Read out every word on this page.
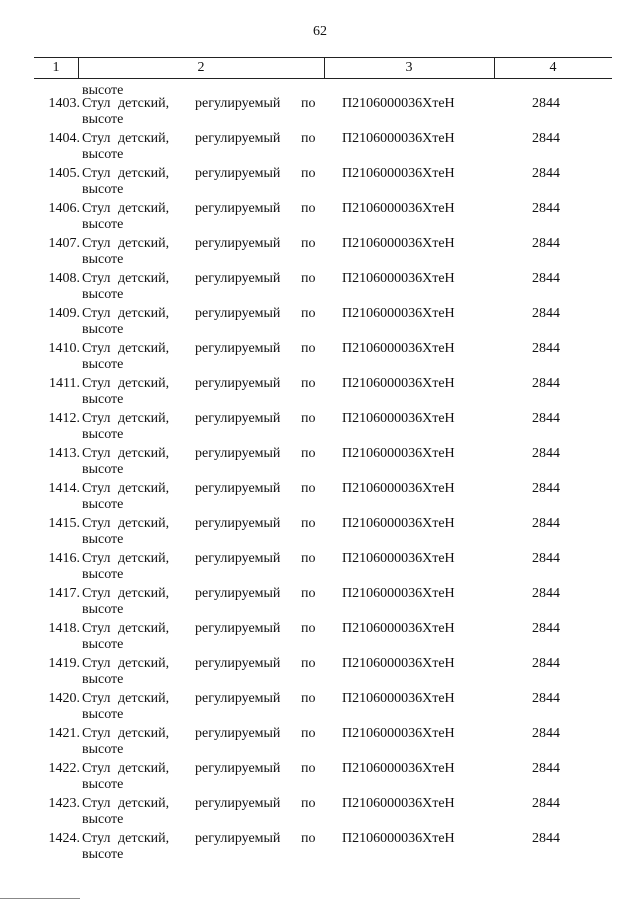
62
1	2	3	4
высоте
1403. Стул детский, регулируемый по
высоте
П2106000036ХтеН	2844
1404. Стул детский, регулируемый по
высоте
П2106000036ХтеН	2844
1405. Стул детский, регулируемый по
высоте
П2106000036ХтеН	2844
1406. Стул детский, регулируемый по
высоте
П2106000036ХтеН	2844
1407. Стул детский, регулируемый по
высоте
П2106000036ХтеН	2844
1408. Стул детский, регулируемый по
высоте
П2106000036ХтеН	2844
1409. Стул детский, регулируемый по
высоте
П2106000036ХтеН	2844
1410. Стул детский, регулируемый по
высоте
П2106000036ХтеН	2844
1411. Стул детский, регулируемый по
высоте
П2106000036ХтеН	2844
1412. Стул детский, регулируемый по
высоте
П2106000036ХтеН	2844
1413. Стул детский, регулируемый по
высоте
П2106000036ХтеН	2844
1414. Стул детский, регулируемый по
высоте
П2106000036ХтеН	2844
1415. Стул детский, регулируемый по
высоте
П2106000036ХтеН	2844
1416. Стул детский, регулируемый по
высоте
П2106000036ХтеН	2844
1417. Стул детский, регулируемый по
высоте
П2106000036ХтеН	2844
1418. Стул детский, регулируемый по
высоте
П2106000036ХтеН	2844
1419. Стул детский, регулируемый по
высоте
П2106000036ХтеН	2844
1420. Стул детский, регулируемый по
высоте
П2106000036ХтеН	2844
1421. Стул детский, регулируемый по
высоте
П2106000036ХтеН	2844
1422. Стул детский, регулируемый по
высоте
П2106000036ХтеН	2844
1423. Стул детский, регулируемый по
высоте
П2106000036ХтеН	2844
1424. Стул детский, регулируемый по
высоте
П2106000036ХтеН	2844
